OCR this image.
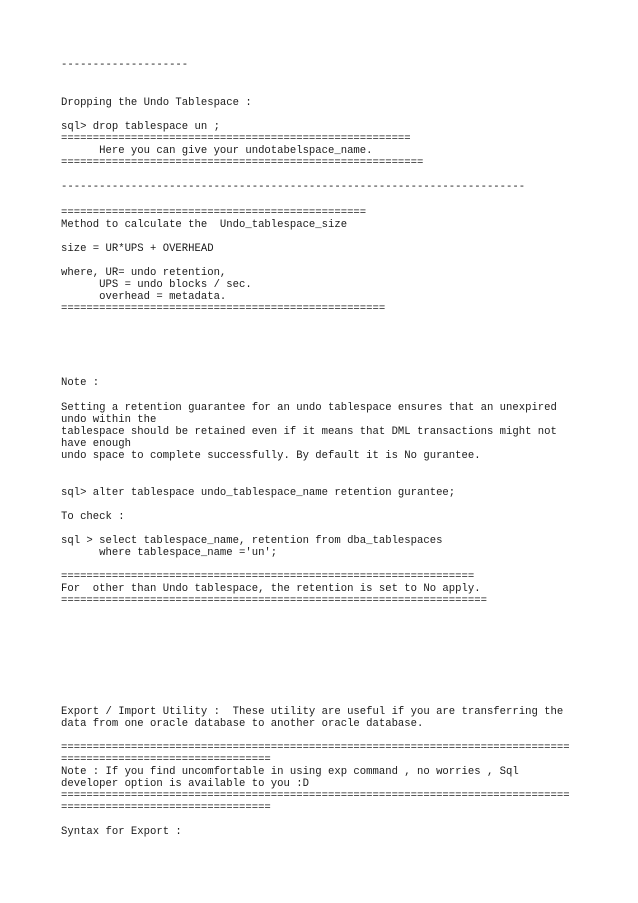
--------------------

Dropping the Undo Tablespace :

sql> drop tablespace un ;

=======================================================

Here you can give your undotabelspace_name.

=========================================================

-------------------------------------------------------------------------

================================================

Method to calculate the  Undo_tablespace_size

size = UR*UPS + OVERHEAD

where, UR= undo retention,

UPS = undo blocks / sec.

overhead = metadata.

===================================================

Note :

Setting a retention guarantee for an undo tablespace ensures that an unexpired

undo within the

tablespace should be retained even if it means that DML transactions might not

have enough

undo space to complete successfully. By default it is No gurantee.

sql> alter tablespace undo_tablespace_name retention gurantee;

To check :

sql > select tablespace_name, retention from dba_tablespaces

where tablespace_name ='un';

=================================================================

For  other than Undo tablespace, the retention is set to No apply.

===================================================================

Export / Import Utility :  These utility are useful if you are transferring the

data from one oracle database to another oracle database.

================================================================================

=================================

Note : If you find uncomfortable in using exp command , no worries , Sql

developer option is available to you :D

================================================================================

=================================

Syntax for Export :
